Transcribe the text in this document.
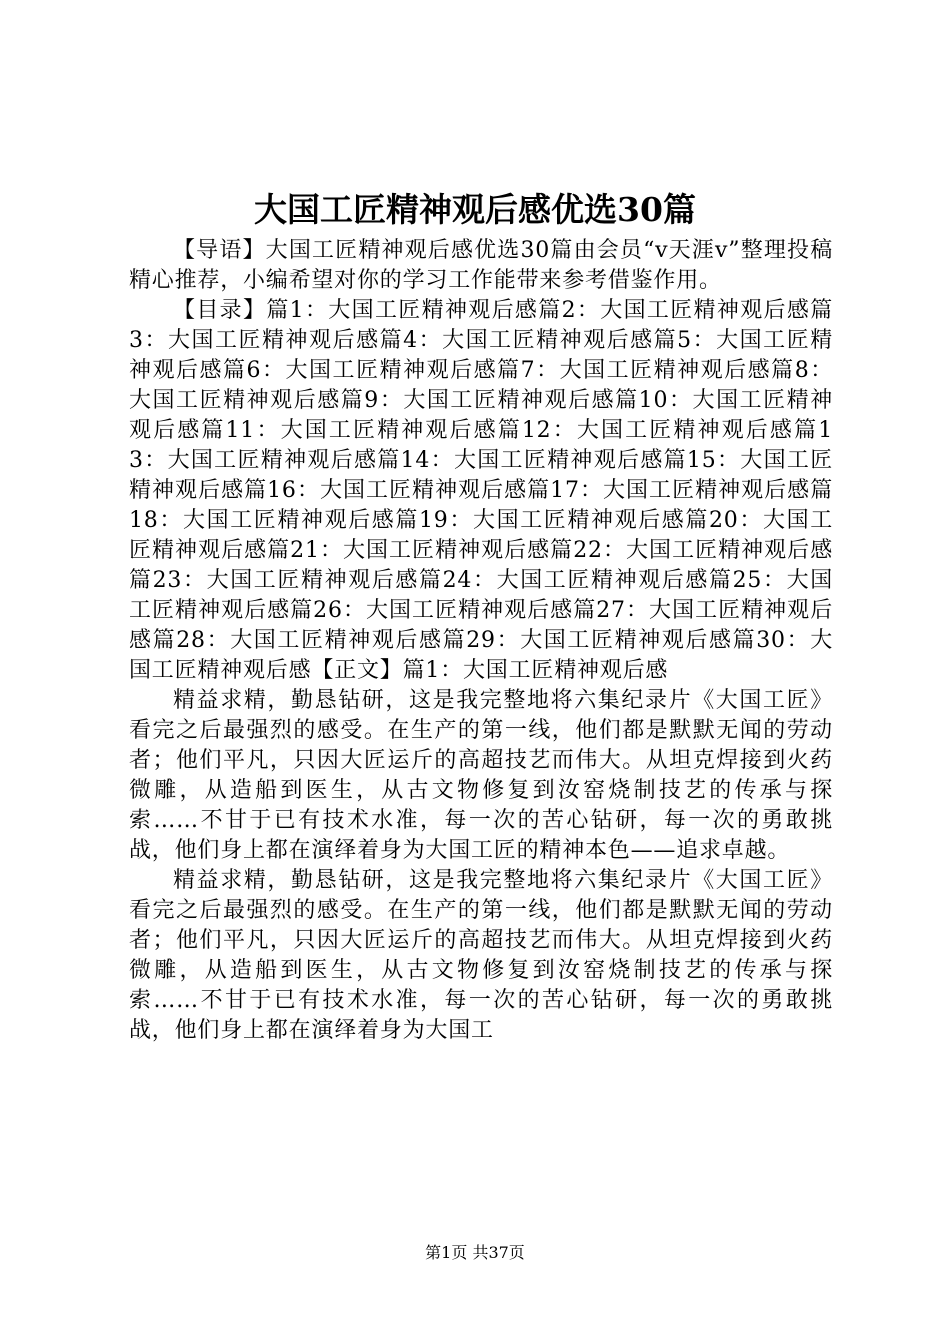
大国工匠精神观后感优选30篇

【导语】大国工匠精神观后感优选30篇由会员“v天涯v”整理投稿精心推荐，小编希望对你的学习工作能带来参考借鉴作用。

【目录】篇1：大国工匠精神观后感篇2：大国工匠精神观后感篇3：大国工匠精神观后感篇4：大国工匠精神观后感篇5：大国工匠精神观后感篇6：大国工匠精神观后感篇7：大国工匠精神观后感篇8：大国工匠精神观后感篇9：大国工匠精神观后感篇10：大国工匠精神观后感篇11：大国工匠精神观后感篇12：大国工匠精神观后感篇13：大国工匠精神观后感篇14：大国工匠精神观后感篇15：大国工匠精神观后感篇16：大国工匠精神观后感篇17：大国工匠精神观后感篇18：大国工匠精神观后感篇19：大国工匠精神观后感篇20：大国工匠精神观后感篇21：大国工匠精神观后感篇22：大国工匠精神观后感篇23：大国工匠精神观后感篇24：大国工匠精神观后感篇25：大国工匠精神观后感篇26：大国工匠精神观后感篇27：大国工匠精神观后感篇28：大国工匠精神观后感篇29：大国工匠精神观后感篇30：大国工匠精神观后感【正文】篇1：大国工匠精神观后感

精益求精，勤恳钻研，这是我完整地将六集纪录片《大国工匠》看完之后最强烈的感受。在生产的第一线，他们都是默默无闻的劳动者；他们平凡，只因大匠运斤的高超技艺而伟大。从坦克焊接到火药微雕，从造船到医生，从古文物修复到汝窑烧制技艺的传承与探索……不甘于已有技术水准，每一次的苦心钻研，每一次的勇敢挑战，他们身上都在演绎着身为大国工匠的精神本色——追求卓越。

精益求精，勤恳钻研，这是我完整地将六集纪录片《大国工匠》看完之后最强烈的感受。在生产的第一线，他们都是默默无闻的劳动者；他们平凡，只因大匠运斤的高超技艺而伟大。从坦克焊接到火药微雕，从造船到医生，从古文物修复到汝窑烧制技艺的传承与探索……不甘于已有技术水准，每一次的苦心钻研，每一次的勇敢挑战，他们身上都在演绎着身为大国工

第1页 共37页
